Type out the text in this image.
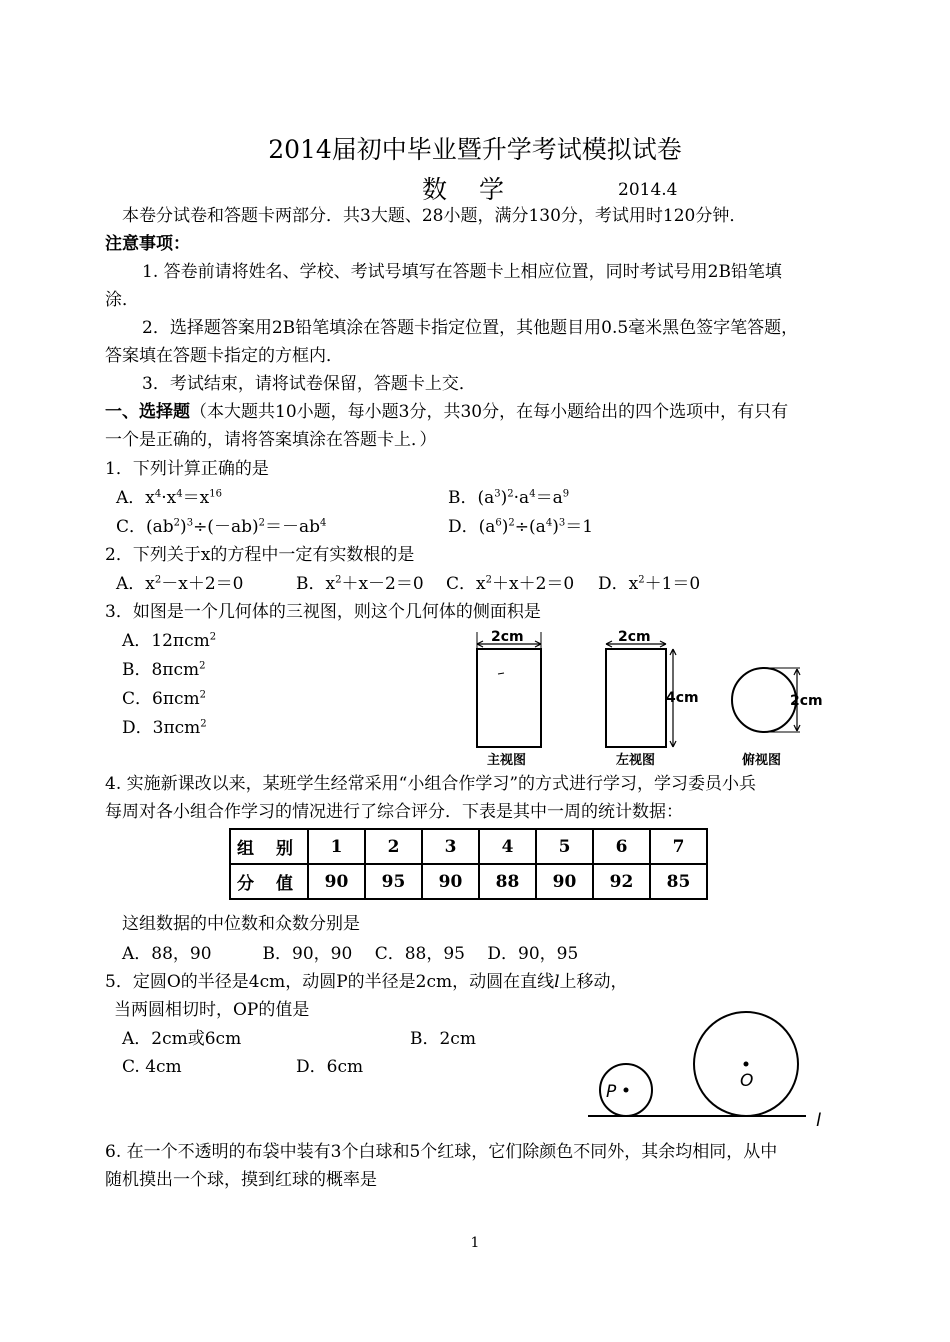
2014届初中毕业暨升学考试模拟试卷
数 学	2014.4
本卷分试卷和答题卡两部分．共3大题、28小题，满分130分，考试用时120分钟．
注意事项：
1. 答卷前请将姓名、学校、考试号填写在答题卡上相应位置，同时考试号用2B铅笔填
涂．
2．选择题答案用2B铅笔填涂在答题卡指定位置，其他题目用0.5毫米黑色签字笔答题，
答案填在答题卡指定的方框内．
3．考试结束，请将试卷保留，答题卡上交．
一、选择题（本大题共10小题，每小题3分，共30分，在每小题给出的四个选项中，有只有
一个是正确的，请将答案填涂在答题卡上．）
1．下列计算正确的是
A．$x^4\cdot x^4=x^{16}$	B．$(a^3)^2\cdot a^4=a^9$
C．$(ab^2)^3\div(-ab)^2=-ab^4$	D．$(a^6)^2\div(a^4)^3=1$
2．下列关于x的方程中一定有实数根的是
A．$x^2-x+2=0$	B．$x^2+x-2=0$ C．$x^2+x+2=0$ D．$x^2+1=0$
3．如图是一个几何体的三视图，则这个几何体的侧面积是
A．12πcm$^2$
B．8πcm$^2$
C．6πcm$^2$
D．3πcm$^2$
2cm	2cm
4cm	2cm
主视图	左视图	俯视图
4. 实施新课改以来，某班学生经常采用“小组合作学习”的方式进行学习，学习委员小兵
每周对各小组合作学习的情况进行了综合评分．下表是其中一周的统计数据：
组 别	1	2	3	4	5	6	7
分 值	90	95	90	88	90	92	85
这组数据的中位数和众数分别是
A．88，90　　　B．90，90　 C．88，95　 D．90，95
5．定圆O的半径是4cm，动圆P的半径是2cm，动圆在直线l上移动，
当两圆相切时，OP的值是
A．2cm或6cm	B．2cm
C. 4cm	D．6cm
P
O
l
6. 在一个不透明的布袋中装有3个白球和5个红球，它们除颜色不同外，其余均相同，从中
随机摸出一个球，摸到红球的概率是
1
